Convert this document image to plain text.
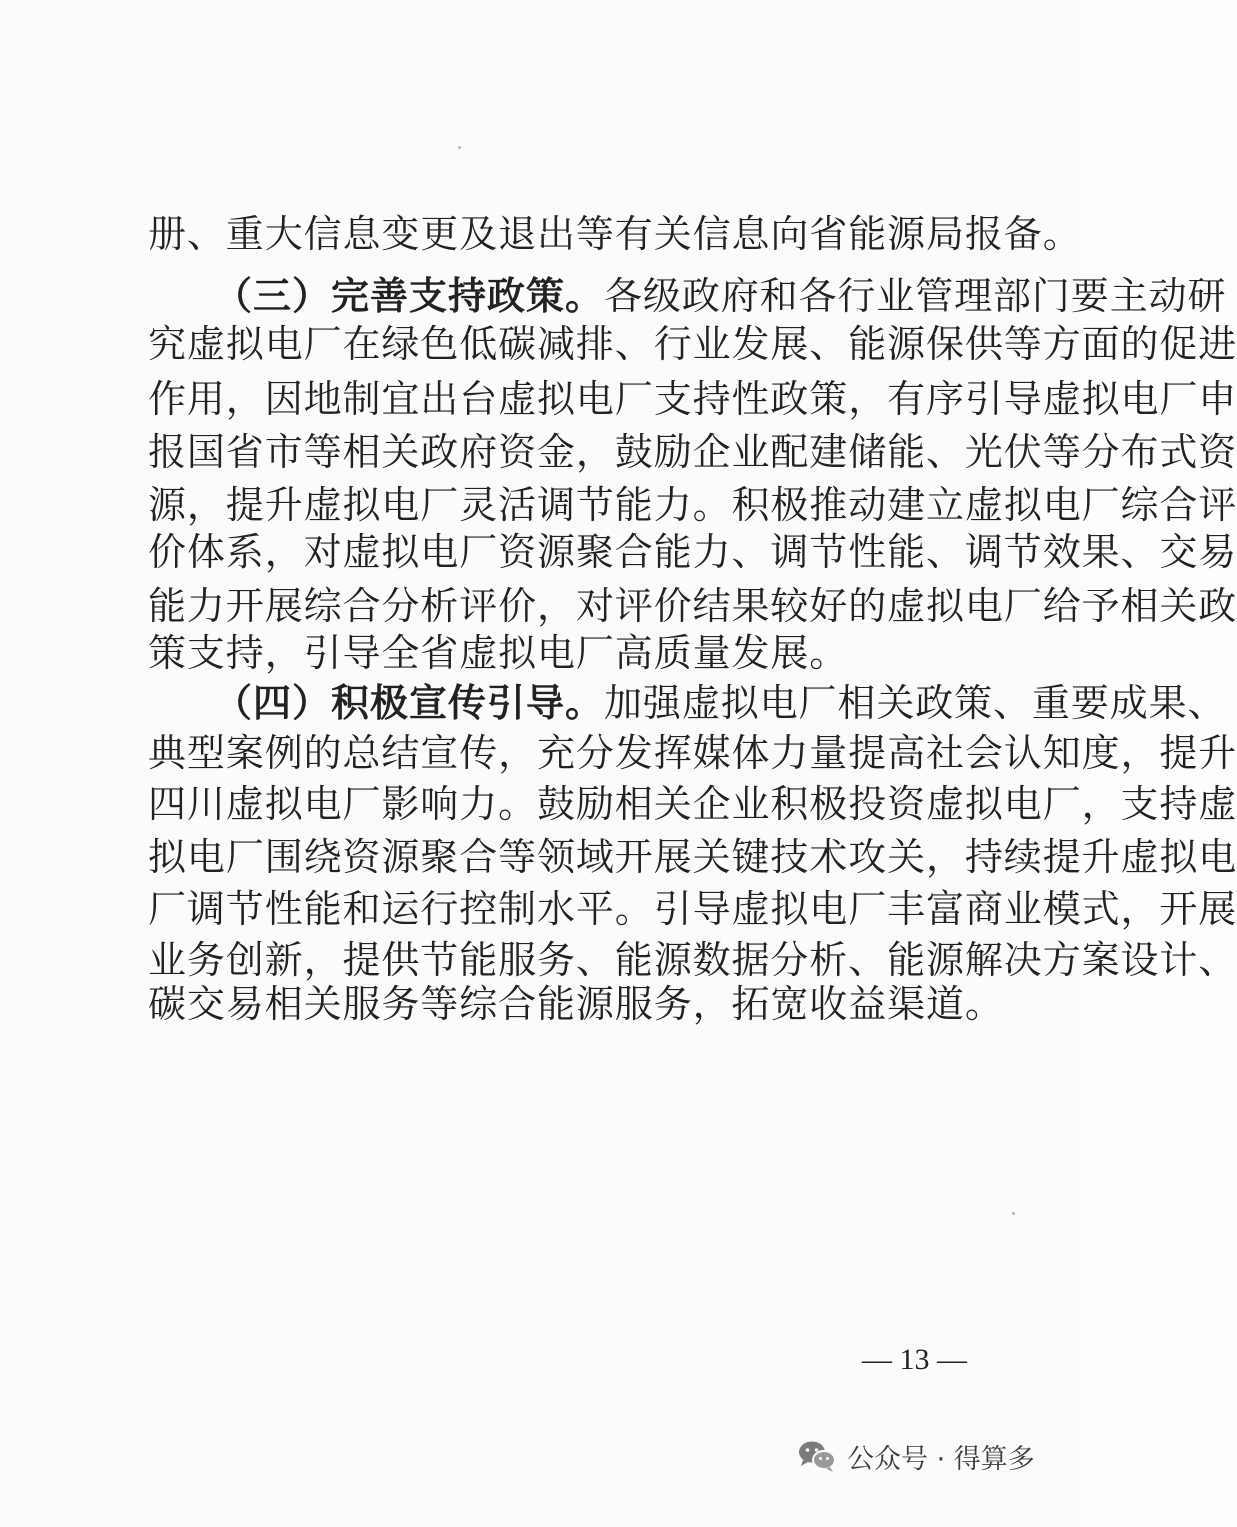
册、重大信息变更及退出等有关信息向省能源局报备。
（三）完善支持政策。各级政府和各行业管理部门要主动研
究虚拟电厂在绿色低碳减排、行业发展、能源保供等方面的促进
作用，因地制宜出台虚拟电厂支持性政策，有序引导虚拟电厂申
报国省市等相关政府资金，鼓励企业配建储能、光伏等分布式资
源，提升虚拟电厂灵活调节能力。积极推动建立虚拟电厂综合评
价体系，对虚拟电厂资源聚合能力、调节性能、调节效果、交易
能力开展综合分析评价，对评价结果较好的虚拟电厂给予相关政
策支持，引导全省虚拟电厂高质量发展。
（四）积极宣传引导。加强虚拟电厂相关政策、重要成果、
典型案例的总结宣传，充分发挥媒体力量提高社会认知度，提升
四川虚拟电厂影响力。鼓励相关企业积极投资虚拟电厂，支持虚
拟电厂围绕资源聚合等领域开展关键技术攻关，持续提升虚拟电
厂调节性能和运行控制水平。引导虚拟电厂丰富商业模式，开展
业务创新，提供节能服务、能源数据分析、能源解决方案设计、
碳交易相关服务等综合能源服务，拓宽收益渠道。
— 13 —
公众号 · 得算多
